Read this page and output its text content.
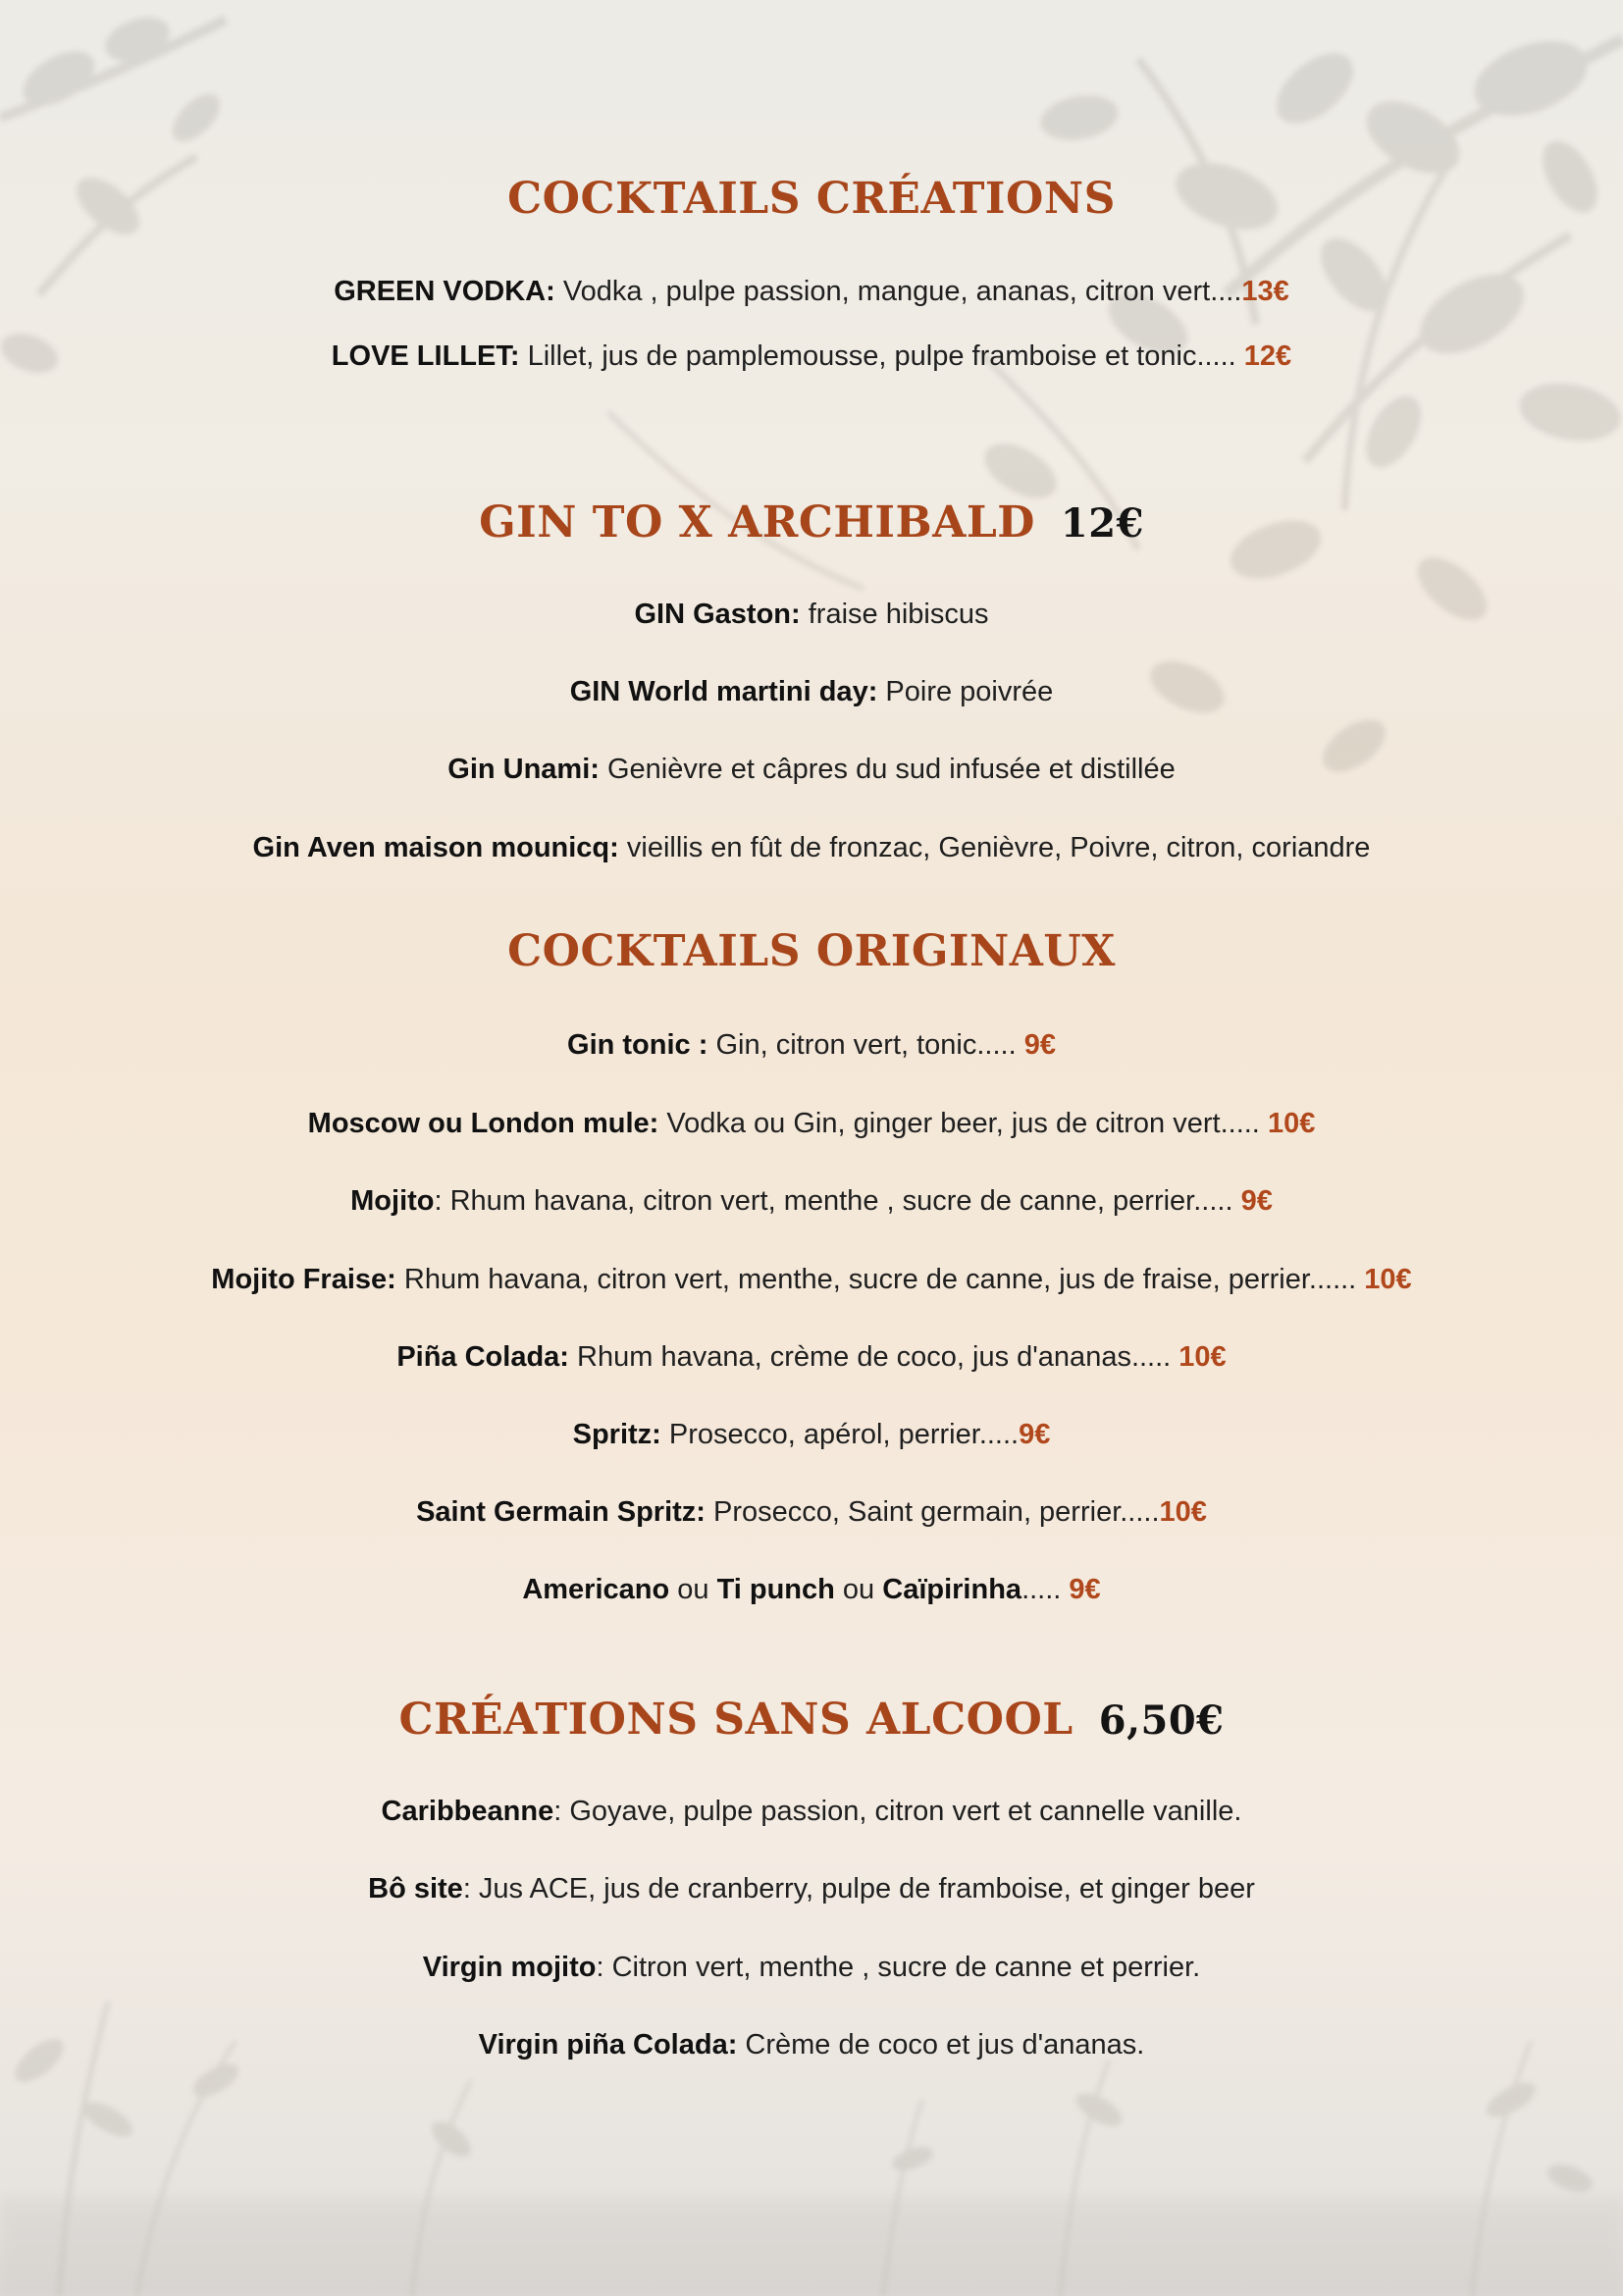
COCKTAILS CRÉATIONS
GREEN VODKA: Vodka , pulpe passion, mangue, ananas, citron vert....13€
LOVE LILLET: Lillet, jus de pamplemousse, pulpe framboise et tonic..... 12€
GIN TO X ARCHIBALD 12€
GIN Gaston: fraise hibiscus
GIN World martini day: Poire poivrée
Gin Unami: Genièvre et câpres du sud infusée et distillée
Gin Aven maison mounicq: vieillis en fût de fronzac, Genièvre, Poivre, citron, coriandre
COCKTAILS ORIGINAUX
Gin tonic : Gin, citron vert, tonic..... 9€
Moscow ou London mule: Vodka ou Gin, ginger beer, jus de citron vert..... 10€
Mojito: Rhum havana, citron vert, menthe , sucre de canne, perrier..... 9€
Mojito Fraise: Rhum havana, citron vert, menthe, sucre de canne, jus de fraise, perrier...... 10€
Piña Colada: Rhum havana, crème de coco, jus d'ananas..... 10€
Spritz: Prosecco, apérol, perrier.....9€
Saint Germain Spritz: Prosecco, Saint germain, perrier.....10€
Americano ou Ti punch ou Caïpirinha..... 9€
CRÉATIONS SANS ALCOOL 6,50€
Caribbeanne: Goyave, pulpe passion, citron vert et cannelle vanille.
Bô site: Jus ACE, jus de cranberry, pulpe de framboise, et ginger beer
Virgin mojito: Citron vert, menthe , sucre de canne et perrier.
Virgin piña Colada: Crème de coco et jus d'ananas.
